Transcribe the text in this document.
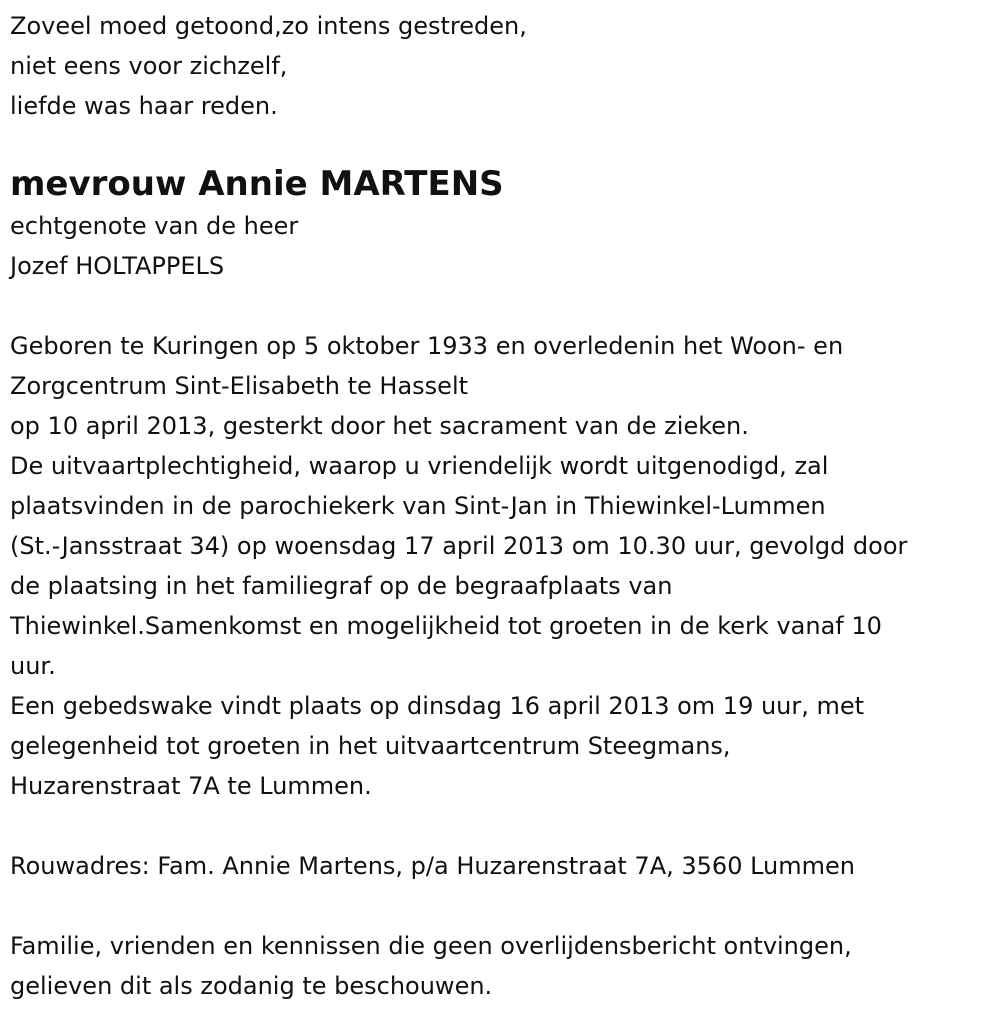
Zoveel moed getoond,zo intens gestreden,
niet eens voor zichzelf,
liefde was haar reden.
mevrouw Annie MARTENS
echtgenote van de heer
Jozef HOLTAPPELS
Geboren te Kuringen op 5 oktober 1933 en overledenin het Woon- en
Zorgcentrum Sint-Elisabeth te Hasselt
op 10 april 2013, gesterkt door het sacrament van de zieken.
De uitvaartplechtigheid, waarop u vriendelijk wordt uitgenodigd, zal
plaatsvinden in de parochiekerk van Sint-Jan in Thiewinkel-Lummen
(St.-Jansstraat 34) op woensdag 17 april 2013 om 10.30 uur, gevolgd door
de plaatsing in het familiegraf op de begraafplaats van
Thiewinkel.Samenkomst en mogelijkheid tot groeten in de kerk vanaf 10
uur.
Een gebedswake vindt plaats op dinsdag 16 april 2013 om 19 uur, met
gelegenheid tot groeten in het uitvaartcentrum Steegmans,
Huzarenstraat 7A te Lummen.
Rouwadres: Fam. Annie Martens, p/a Huzarenstraat 7A, 3560 Lummen
Familie, vrienden en kennissen die geen overlijdensbericht ontvingen,
gelieven dit als zodanig te beschouwen.
